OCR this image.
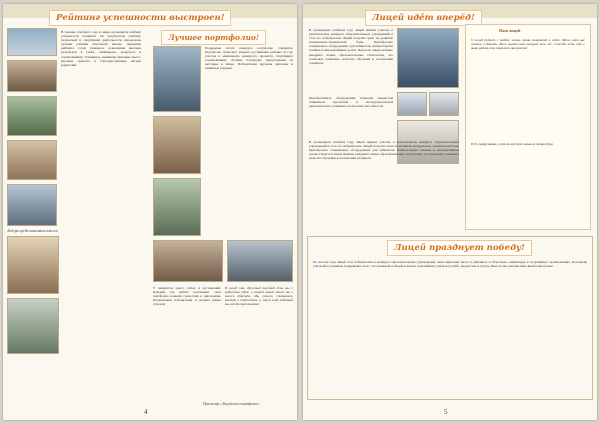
Рейтинг успешности выстроен!
Лидеры среди начальных классов
В течение учебного года в лицее проводился рейтинг успешности учащихся. По результатам учебной, творческой и спортивной деятельности определены лучшие ученики начальной школы. Лидерами рейтинга стали учащиеся, показавшие высокие результаты в учебе, олимпиадах, конкурсах и соревнованиях. Учащимся, занявшим призовые места, вручены грамоты и благодарственные письма родителям.
Лучшее портфолио!
Подведены итоги конкурса портфолио учащихся. Портфолио позволяет увидеть достижения ребёнка за год: участие в олимпиадах, конкурсах, проектах, спортивных соревнованиях. Лучшие портфолио представлены на выставке в лицее. Победителям вручены дипломы и памятные подарки.
У лицеистов много побед и достижений. Каждый год ребята пополняют свои портфолио новыми грамотами и дипломами. Поздравляем победителей и желаем новых успехов!
В лицей наш дружный каждый день мы с радостью идём, и знаний новых много мы в классе обретём. Мы учимся, стараемся, растём и побеждаем, и лицей свой любимый мы всегда прославляем!
Просмотр «Лицейского портфолио»
4
Лицей идёт вперёд!
В прошедшем учебном году лицей принял участие в региональном конкурсе образовательных учреждений и стал его победителем. Лицей получил грант на развитие материально-технической базы. Приобретено современное оборудование для кабинетов, компьютерная техника и интерактивные доски. Педагоги лицея активно внедряют новые образовательные технологии, что позволяет повышать качество обучения и воспитания учащихся.
Приобретённое оборудование позволит лицеистам заниматься проектной и исследовательской деятельностью, развивать творческие способности.
В прошедшем учебном году лицей принял участие в региональном конкурсе образовательных учреждений и стал его победителем. Лицей получил грант на развитие материально-технической базы. Приобретено современное оборудование для кабинетов, компьютерная техника и интерактивные доски. Педагоги лицея активно внедряют новые образовательные технологии, что позволяет повышать качество обучения и воспитания учащихся.
Наш лицей
О лицей родной, с тобою жизнь полна открытий и чудес. Здесь учат нас искать и думать, здесь знаний нам открыт весь лес. Спасибо всем, кто с нами рядом, кто помогает нам расти!
П.П. Андрущенко, учитель русского языка и литературы
Лицей празднует победу!
По итогам года лицей стал победителем в конкурсе образовательных учреждений, занял призовые места в районных и областных олимпиадах и спортивных соревнованиях. Коллектив учителей и учеников поздравляет всех с заслуженной победой и желает дальнейших успехов в учёбе, творчестве и спорте. Вместе мы сделаем наш лицей ещё лучше!
5
